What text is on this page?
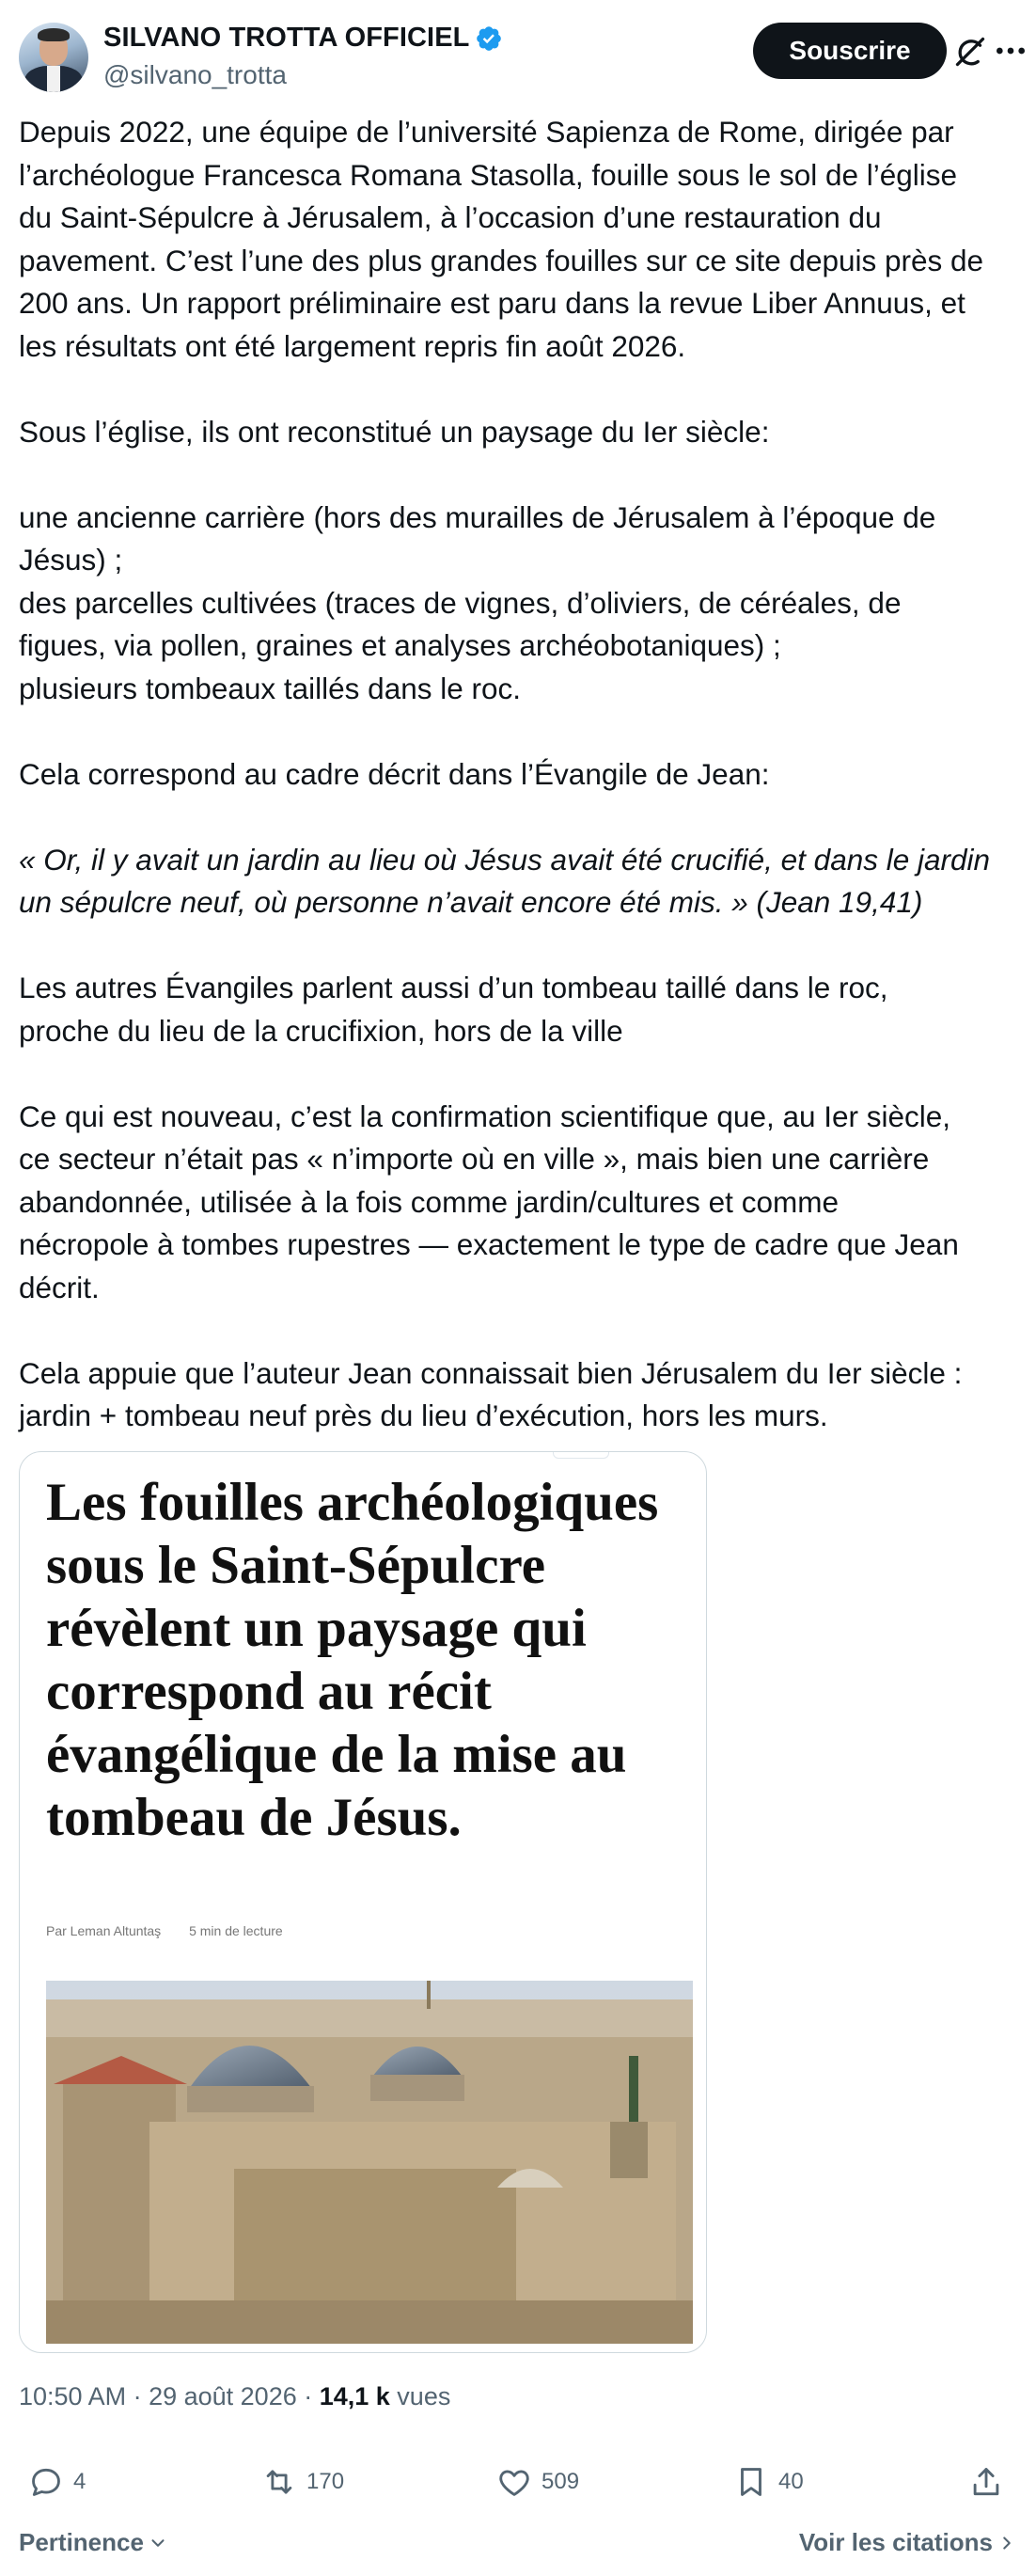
SILVANO TROTTA OFFICIEL
@silvano_trotta
Souscrire
Depuis 2022, une équipe de l’université Sapienza de Rome, dirigée par
l’archéologue Francesca Romana Stasolla, fouille sous le sol de l’église
du Saint-Sépulcre à Jérusalem, à l’occasion d’une restauration du
pavement. C’est l’une des plus grandes fouilles sur ce site depuis près de
200 ans. Un rapport préliminaire est paru dans la revue Liber Annuus, et
les résultats ont été largement repris fin août 2026.

Sous l’église, ils ont reconstitué un paysage du Ier siècle:

une ancienne carrière (hors des murailles de Jérusalem à l’époque de
Jésus) ;
des parcelles cultivées (traces de vignes, d’oliviers, de céréales, de
figues, via pollen, graines et analyses archéobotaniques) ;
plusieurs tombeaux taillés dans le roc.

Cela correspond au cadre décrit dans l’Évangile de Jean:

« Or, il y avait un jardin au lieu où Jésus avait été crucifié, et dans le jardin
un sépulcre neuf, où personne n’avait encore été mis. » (Jean 19,41)

Les autres Évangiles parlent aussi d’un tombeau taillé dans le roc,
proche du lieu de la crucifixion, hors de la ville

Ce qui est nouveau, c’est la confirmation scientifique que, au Ier siècle,
ce secteur n’était pas « n’importe où en ville », mais bien une carrière
abandonnée, utilisée à la fois comme jardin/cultures et comme
nécropole à tombes rupestres — exactement le type de cadre que Jean
décrit.

Cela appuie que l’auteur Jean connaissait bien Jérusalem du Ier siècle :
jardin + tombeau neuf près du lieu d’exécution, hors les murs.
Les fouilles archéologiques sous le Saint-Sépulcre révèlent un paysage qui correspond au récit évangélique de la mise au tombeau de Jésus.
Par Leman Altuntaş 5 min de lecture
10:50 AM · 29 août 2026 · 14,1 k vues
4	170	509	40
Pertinence	Voir les citations
